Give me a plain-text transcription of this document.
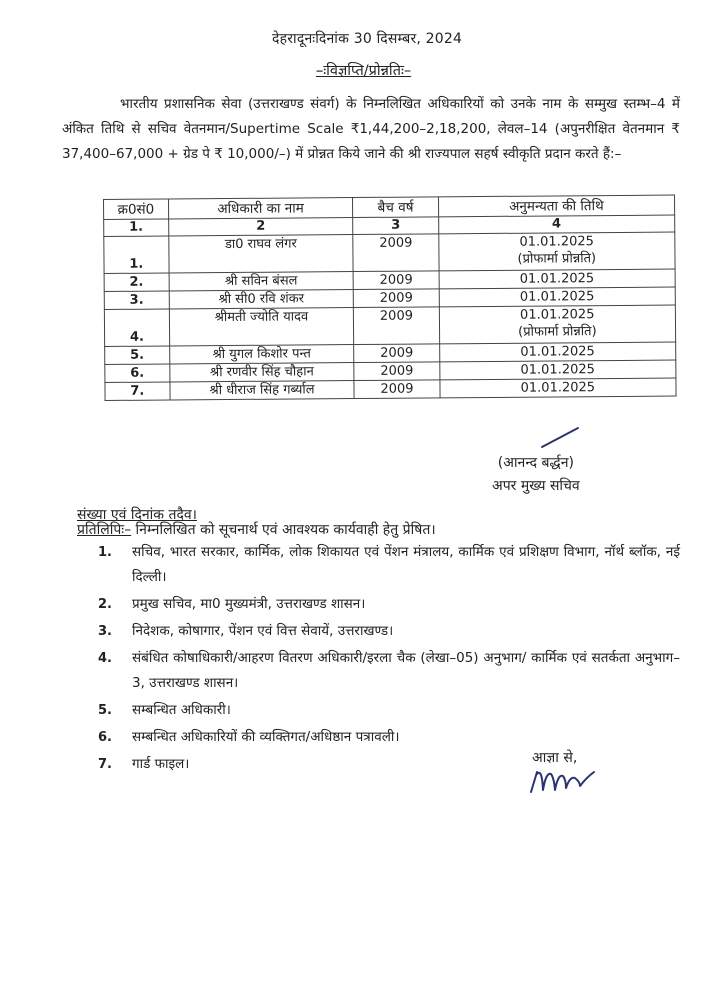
देहरादूनःदिनांक 30 दिसम्बर, 2024
–ःविज्ञप्ति/प्रोन्नतिः–
भारतीय प्रशासनिक सेवा (उत्तराखण्ड संवर्ग) के निम्नलिखित अधिकारियों को उनके नाम के सम्मुख स्तम्भ–4 में अंकित तिथि से सचिव वेतनमान/Supertime Scale ₹1,44,200–2,18,200, लेवल–14 (अपुनरीक्षित वेतनमान ₹ 37,400–67,000 + ग्रेड पे ₹ 10,000/–) में प्रोन्नत किये जाने की श्री राज्यपाल सहर्ष स्वीकृति प्रदान करते हैं:–
क्र0सं0	अधिकारी का नाम	बैच वर्ष	अनुमन्यता की तिथि
1.	2	3	4
1.	डा0 राघव लंगर	2009	01.01.2025
(प्रोफार्मा प्रोन्नति)

2.	श्री सविन बंसल	2009	01.01.2025

3.	श्री सी0 रवि शंकर	2009	01.01.2025

4.	श्रीमती ज्योति यादव	2009	01.01.2025
(प्रोफार्मा प्रोन्नति)

5.	श्री युगल किशोर पन्त	2009	01.01.2025

6.	श्री रणवीर सिंह चौहान	2009	01.01.2025

7.	श्री धीराज सिंह गर्ब्याल	2009	01.01.2025
(आनन्द बर्द्धन)
अपर मुख्य सचिव
संख्या एवं दिनांक तदैव।
प्रतिलिपिः– निम्नलिखित को सूचनार्थ एवं आवश्यक कार्यवाही हेतु प्रेषित।
1. सचिव, भारत सरकार, कार्मिक, लोक शिकायत एवं पेंशन मंत्रालय, कार्मिक एवं प्रशिक्षण विभाग, नॉर्थ ब्लॉक, नई दिल्ली।
2. प्रमुख सचिव, मा0 मुख्यमंत्री, उत्तराखण्ड शासन।
3. निदेशक, कोषागार, पेंशन एवं वित्त सेवायें, उत्तराखण्ड।
4. संबंधित कोषाधिकारी/आहरण वितरण अधिकारी/इरला चैक (लेखा–05) अनुभाग/ कार्मिक एवं सतर्कता अनुभाग–3, उत्तराखण्ड शासन।
5. सम्बन्धित अधिकारी।
6. सम्बन्धित अधिकारियों की व्यक्तिगत/अधिष्ठान पत्रावली।
7. गार्ड फाइल।	आज्ञा से,
